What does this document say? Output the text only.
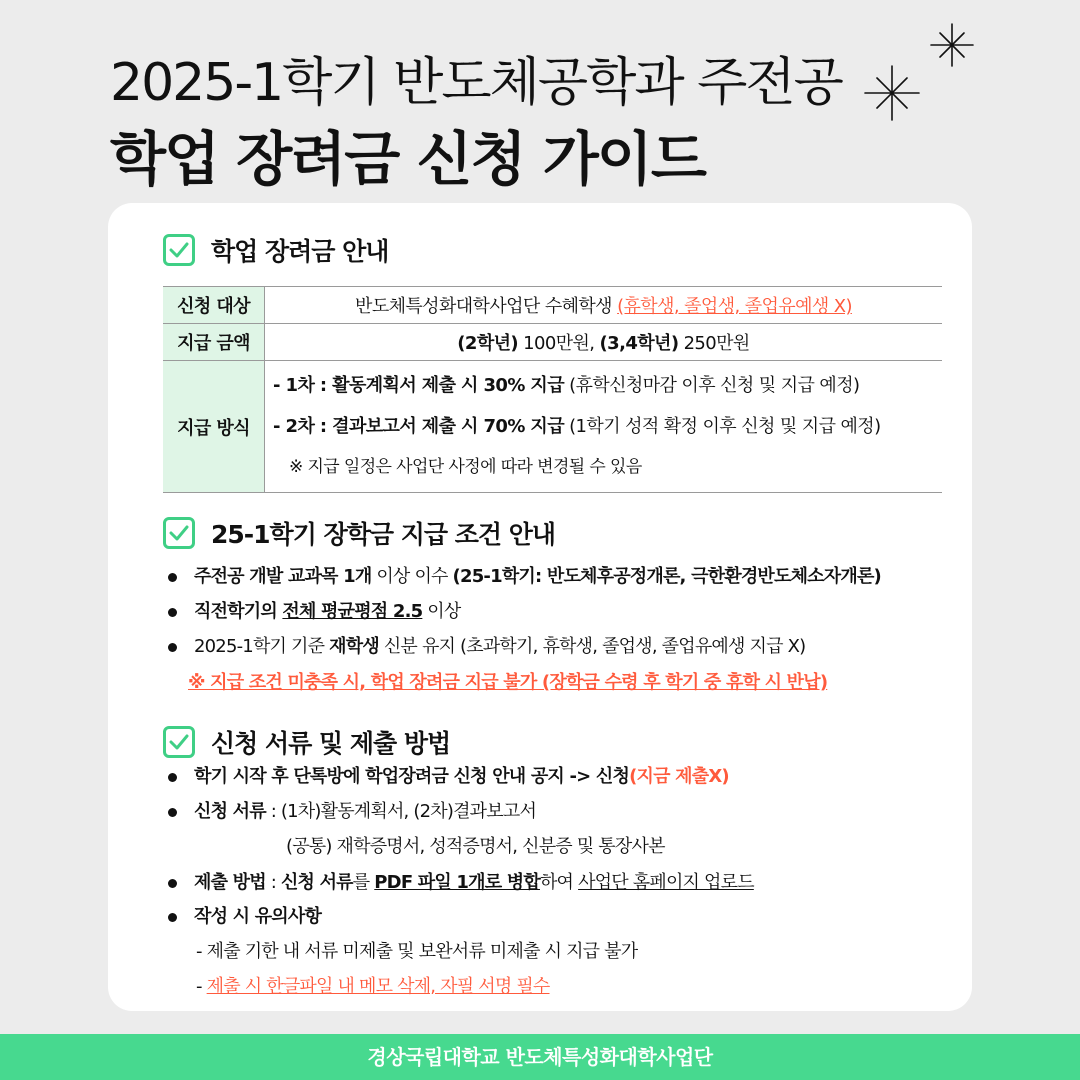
2025-1학기 반도체공학과 주전공
학업 장려금 신청 가이드
학업 장려금 안내
신청 대상	반도체특성화대학사업단 수혜학생 (휴학생, 졸업생, 졸업유예생 X)
지급 금액	(2학년) 100만원, (3,4학년) 250만원
지급 방식	- 1차 : 활동계획서 제출 시 30% 지급 (휴학신청마감 이후 신청 및 지급 예정)
- 2차 : 결과보고서 제출 시 70% 지급 (1학기 성적 확정 이후 신청 및 지급 예정)
※ 지급 일정은 사업단 사정에 따라 변경될 수 있음
25-1학기 장학금 지급 조건 안내
주전공 개발 교과목 1개 이상 이수 (25-1학기: 반도체후공정개론, 극한환경반도체소자개론)
직전학기의 전체 평균평점 2.5 이상
2025-1학기 기준 재학생 신분 유지 (초과학기, 휴학생, 졸업생, 졸업유예생 지급 X)
※ 지급 조건 미충족 시, 학업 장려금 지급 불가 (장학금 수령 후 학기 중 휴학 시 반납)
신청 서류 및 제출 방법
학기 시작 후 단톡방에 학업장려금 신청 안내 공지 -> 신청(지금 제출X)
신청 서류 : (1차)활동계획서, (2차)결과보고서
(공통) 재학증명서, 성적증명서, 신분증 및 통장사본
제출 방법 : 신청 서류를 PDF 파일 1개로 병합하여 사업단 홈페이지 업로드
작성 시 유의사항
- 제출 기한 내 서류 미제출 및 보완서류 미제출 시 지급 불가
- 제출 시 한글파일 내 메모 삭제, 자필 서명 필수
경상국립대학교 반도체특성화대학사업단
